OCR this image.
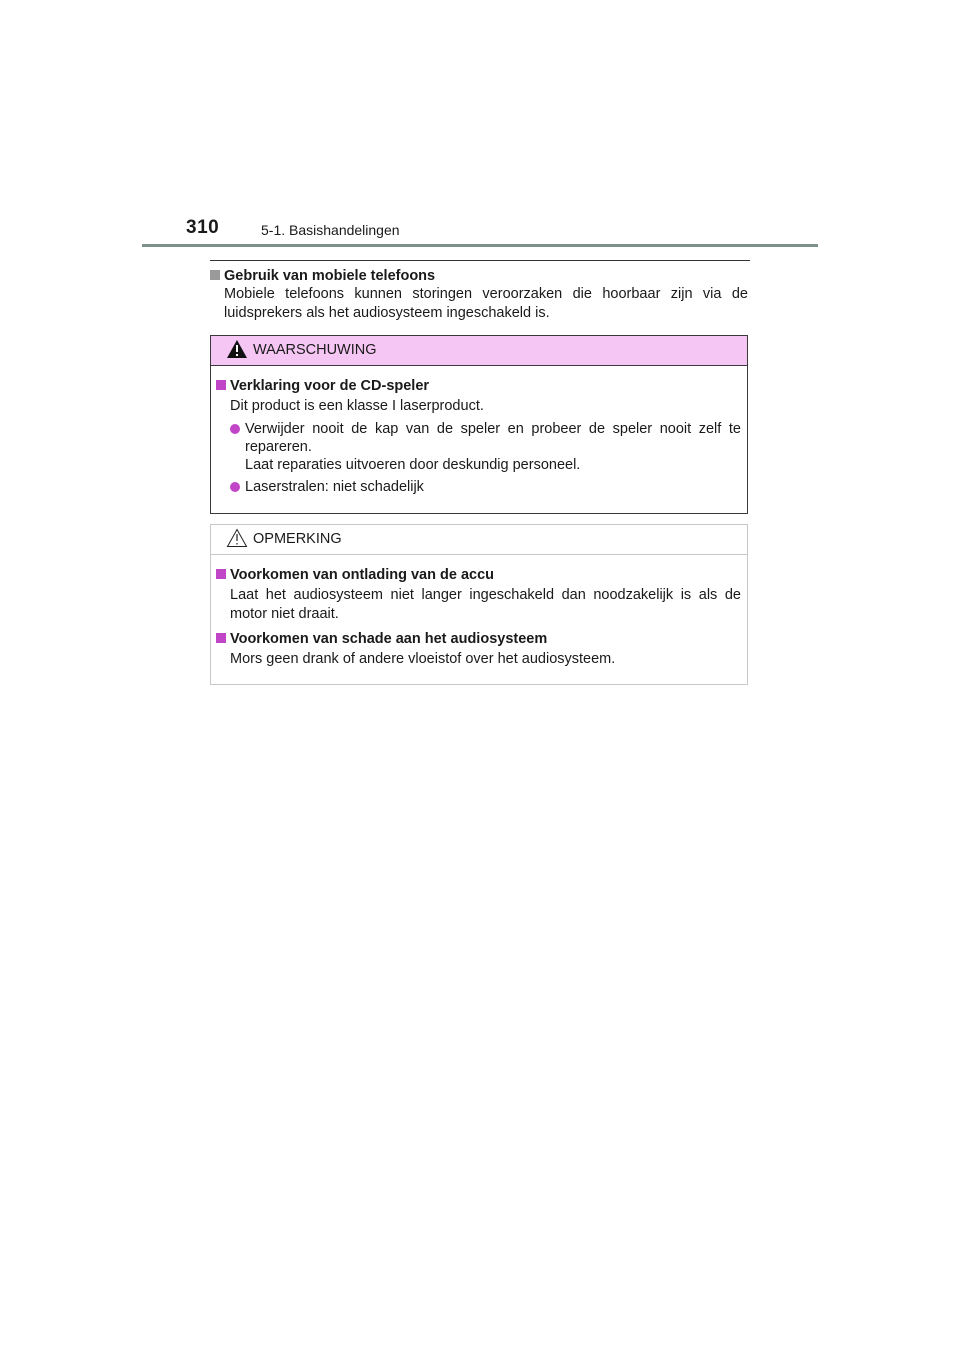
310	5-1. Basishandelingen
Gebruik van mobiele telefoons
Mobiele telefoons kunnen storingen veroorzaken die hoorbaar zijn via de luidsprekers als het audiosysteem ingeschakeld is.
WAARSCHUWING
Verklaring voor de CD-speler
Dit product is een klasse I laserproduct.
Verwijder nooit de kap van de speler en probeer de speler nooit zelf te repareren.
Laat reparaties uitvoeren door deskundig personeel.
Laserstralen: niet schadelijk
OPMERKING
Voorkomen van ontlading van de accu
Laat het audiosysteem niet langer ingeschakeld dan noodzakelijk is als de motor niet draait.
Voorkomen van schade aan het audiosysteem
Mors geen drank of andere vloeistof over het audiosysteem.
